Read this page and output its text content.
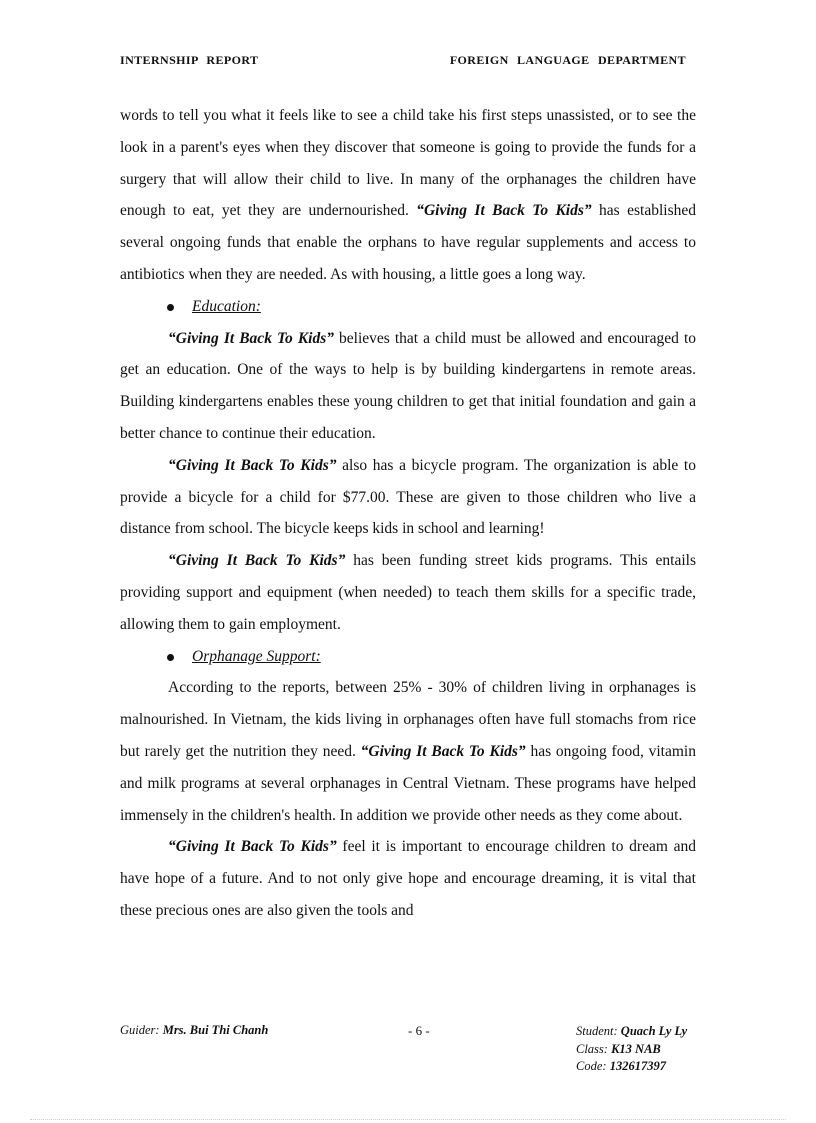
INTERNSHIP REPORT	FOREIGN LANGUAGE DEPARTMENT

words to tell you what it feels like to see a child take his first steps unassisted, or to see the look in a parent's eyes when they discover that someone is going to provide the funds for a surgery that will allow their child to live. In many of the orphanages the children have enough to eat, yet they are undernourished. “Giving It Back To Kids” has established several ongoing funds that enable the orphans to have regular supplements and access to antibiotics when they are needed. As with housing, a little goes a long way.

Education:

“Giving It Back To Kids” believes that a child must be allowed and encouraged to get an education. One of the ways to help is by building kindergartens in remote areas. Building kindergartens enables these young children to get that initial foundation and gain a better chance to continue their education.

“Giving It Back To Kids” also has a bicycle program. The organization is able to provide a bicycle for a child for $77.00. These are given to those children who live a distance from school. The bicycle keeps kids in school and learning!

“Giving It Back To Kids” has been funding street kids programs. This entails providing support and equipment (when needed) to teach them skills for a specific trade, allowing them to gain employment.

Orphanage Support:

According to the reports, between 25% - 30% of children living in orphanages is malnourished. In Vietnam, the kids living in orphanages often have full stomachs from rice but rarely get the nutrition they need. “Giving It Back To Kids” has ongoing food, vitamin and milk programs at several orphanages in Central Vietnam. These programs have helped immensely in the children's health. In addition we provide other needs as they come about.

“Giving It Back To Kids” feel it is important to encourage children to dream and have hope of a future. And to not only give hope and encourage dreaming, it is vital that these precious ones are also given the tools and

Guider: Mrs. Bui Thi Chanh	- 6 -	Student: Quach Ly Ly
Class: K13 NAB
Code: 132617397
